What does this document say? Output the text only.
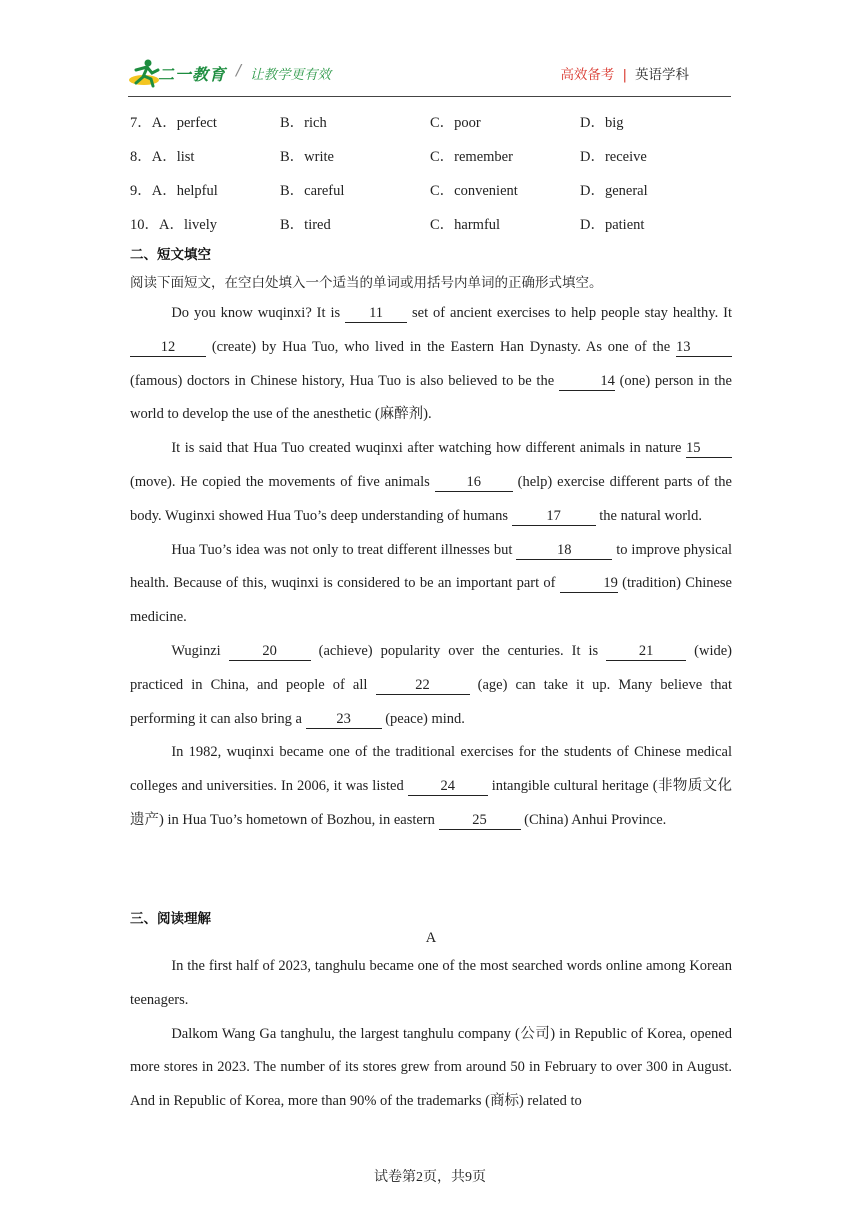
二一教育 / 让教学更有效	高效备考 | 英语学科
7．A．perfect	B．rich	C．poor	D．big
8．A．list	B．write	C．remember	D．receive
9．A．helpful	B．careful	C．convenient	D．general
10．A．lively	B．tired	C．harmful	D．patient
二、短文填空
阅读下面短文，在空白处填入一个适当的单词或用括号内单词的正确形式填空。

Do you know wuqinxi? It is 11 set of ancient exercises to help people stay healthy. It 12 (create) by Hua Tuo, who lived in the Eastern Han Dynasty. As one of the 13 (famous) doctors in Chinese history, Hua Tuo is also believed to be the	14 (one) person in the world to develop the use of the anesthetic (麻醉剂).

It is said that Hua Tuo created wuqinxi after watching how different animals in nature 15 (move). He copied the movements of five animals 16 (help) exercise different parts of the body. Wuginxi showed Hua Tuo’s deep understanding of humans 17 the natural world.

Hua Tuo’s idea was not only to treat different illnesses but	18	to improve physical health. Because of this, wuqinxi is considered to be an important part of	19 (tradition) Chinese medicine.

Wuginzi 20 (achieve) popularity over the centuries. It is 21 (wide) practiced in China, and people of all	22	(age) can take it up. Many believe that performing it can also bring a 23 (peace) mind.

In 1982, wuqinxi became one of the traditional exercises for the students of Chinese medical colleges and universities. In 2006, it was listed 24 intangible cultural heritage (非物质文化遗产) in Hua Tuo’s hometown of Bozhou, in eastern 25 (China) Anhui Province.

三、阅读理解
A

In the first half of 2023, tanghulu became one of the most searched words online among Korean teenagers.

Dalkom Wang Ga tanghulu, the largest tanghulu company (公司) in Republic of Korea, opened more stores in 2023. The number of its stores grew from around 50 in February to over 300 in August. And in Republic of Korea, more than 90% of the trademarks (商标) related to

试卷第2页，共9页
